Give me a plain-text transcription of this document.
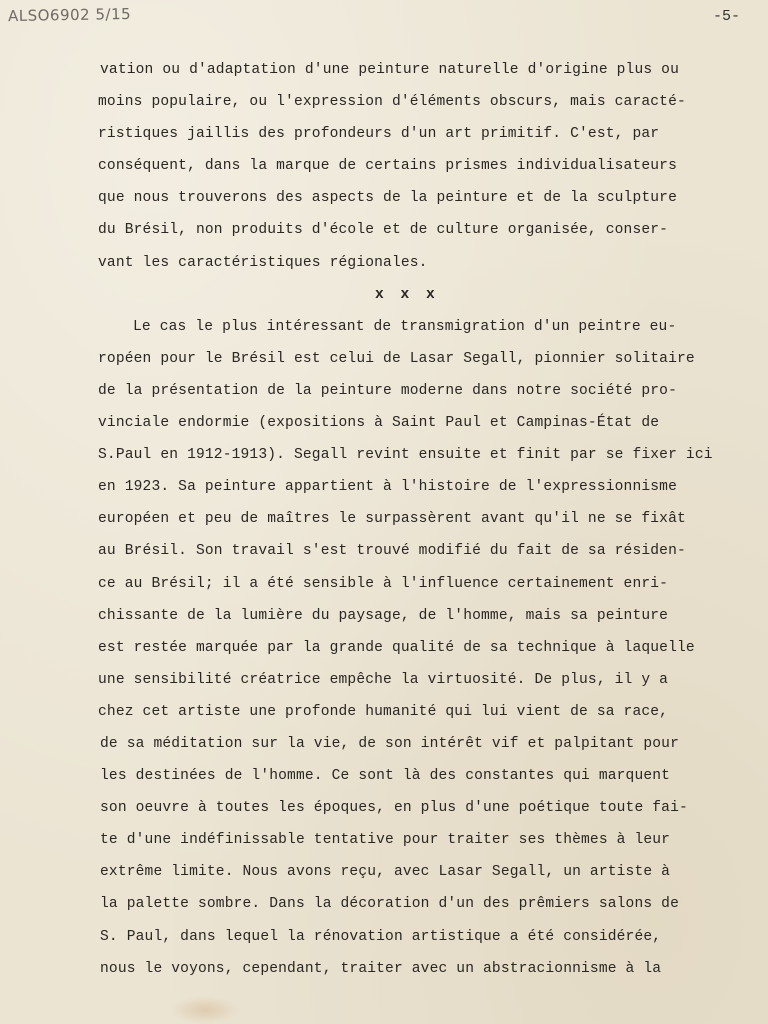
ALSO6902 5/15	-5-
vation ou d'adaptation d'une peinture naturelle d'origine plus ou
moins populaire, ou l'expression d'éléments obscurs, mais caracté-
ristiques jaillis des profondeurs d'un art primitif. C'est, par
conséquent, dans la marque de certains prismes individualisateurs
que nous trouverons des aspects de la peinture et de la sculpture
du Brésil, non produits d'école et de culture organisée, conser-
vant les caractéristiques régionales.
x x x
Le cas le plus intéressant de transmigration d'un peintre eu-
ropéen pour le Brésil est celui de Lasar Segall, pionnier solitaire
de la présentation de la peinture moderne dans notre société pro-
vinciale endormie (expositions à Saint Paul et Campinas-État de
S.Paul en 1912-1913). Segall revint ensuite et finit par se fixer ici
en 1923. Sa peinture appartient à l'histoire de l'expressionnisme
européen et peu de maîtres le surpassèrent avant qu'il ne se fixât
au Brésil. Son travail s'est trouvé modifié du fait de sa résiden-
ce au Brésil; il a été sensible à l'influence certainement enri-
chissante de la lumière du paysage, de l'homme, mais sa peinture
est restée marquée par la grande qualité de sa technique à laquelle
une sensibilité créatrice empêche la virtuosité. De plus, il y a
chez cet artiste une profonde humanité qui lui vient de sa race,
de sa méditation sur la vie, de son intérêt vif et palpitant pour
les destinées de l'homme. Ce sont là des constantes qui marquent
son oeuvre à toutes les époques, en plus d'une poétique toute fai-
te d'une indéfinissable tentative pour traiter ses thèmes à leur
extrême limite. Nous avons reçu, avec Lasar Segall, un artiste à
la palette sombre. Dans la décoration d'un des prêmiers salons de
S. Paul, dans lequel la rénovation artistique a été considérée,
nous le voyons, cependant, traiter avec un abstracionnisme à la
